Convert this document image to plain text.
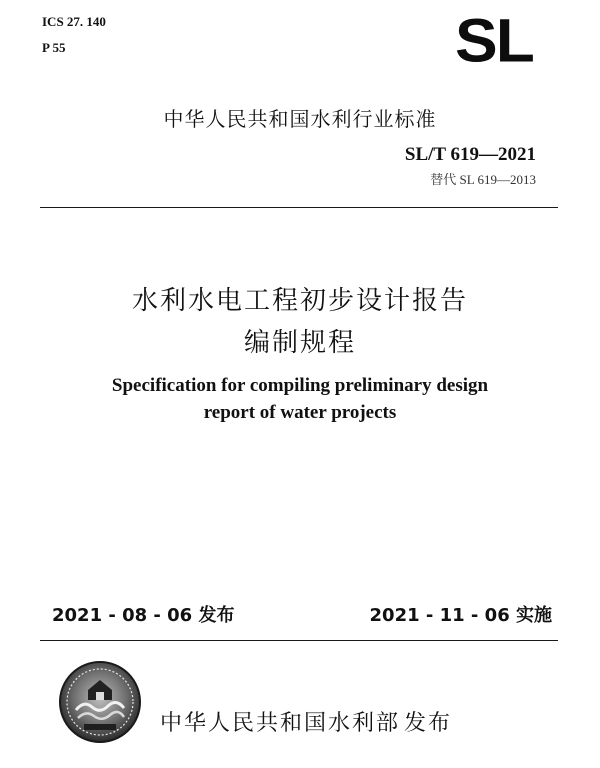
ICS 27. 140
P 55	SL
中华人民共和国水利行业标准
SL/T 619—2021
替代 SL 619—2013
水利水电工程初步设计报告
编制规程
Specification for compiling preliminary design
report of water projects
2021 - 08 - 06 发布	2021 - 11 - 06 实施
中华人民共和国水利部 发布
